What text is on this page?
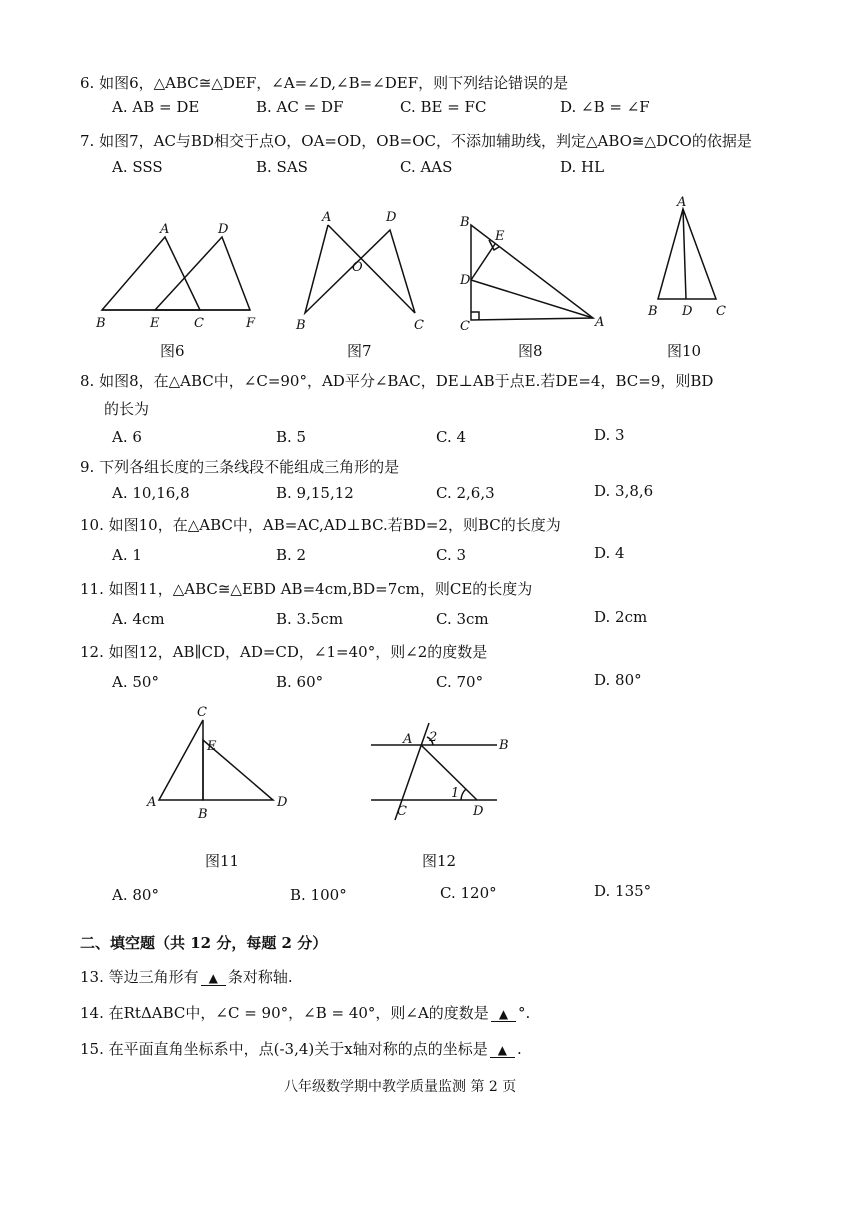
6. 如图6，△ABC≅△DEF，∠A=∠D,∠B=∠DEF，则下列结论错误的是
A. AB = DE	B. AC = DF	C. BE = FC	D. ∠B = ∠F
7. 如图7，AC与BD相交于点O，OA=OD，OB=OC，不添加辅助线，判定△ABO≅△DCO的依据是
A. SSS	B. SAS	C. AAS	D. HL
A	D
B	E	C	F
图6
A	D
O
B	C
图7
B
E
D
C	A
图8
A
B D C
图10
8. 如图8，在△ABC中，∠C=90°，AD平分∠BAC，DE⊥AB于点E.若DE=4，BC=9，则BD
的长为
A. 6	B. 5	C. 4	D. 3
9. 下列各组长度的三条线段不能组成三角形的是
A. 10,16,8	B. 9,15,12	C. 2,6,3	D. 3,8,6
10. 如图10，在△ABC中，AB=AC,AD⊥BC.若BD=2，则BC的长度为
A. 1	B. 2	C. 3	D. 4
11. 如图11，△ABC≅△EBD AB=4cm,BD=7cm，则CE的长度为
A. 4cm	B. 3.5cm	C. 3cm	D. 2cm
12. 如图12，AB∥CD，AD=CD，∠1=40°，则∠2的度数是
A. 50°	B. 60°	C. 70°	D. 80°
C
E
A
B
D
图11
A 2
B
1
C	D
图12
A. 80°	B. 100°	C. 120°	D. 135°
二、填空题（共 12 分，每题 2 分）
13. 等边三角形有 ▲ 条对称轴.
14. 在RtΔABC中，∠C = 90°，∠B = 40°，则∠A的度数是 ▲ °.
15. 在平面直角坐标系中，点(-3,4)关于x轴对称的点的坐标是 ▲ .
八年级数学期中教学质量监测 第 2 页
